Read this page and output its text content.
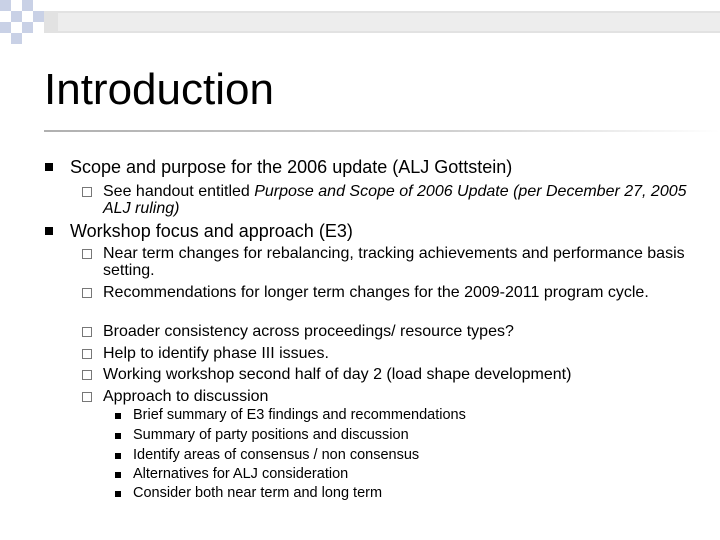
Introduction
Scope and purpose for the 2006 update (ALJ Gottstein)
See handout entitled Purpose and Scope of 2006 Update (per December 27, 2005 ALJ ruling)
Workshop focus and approach (E3)
Near term changes for rebalancing, tracking achievements and performance basis setting.
Recommendations for longer term changes for the 2009-2011 program cycle.
Broader consistency across proceedings/ resource types?
Help to identify phase III issues.
Working workshop second half of day 2 (load shape development)
Approach to discussion
Brief summary of E3 findings and recommendations
Summary of party positions and discussion
Identify areas of consensus / non consensus
Alternatives for ALJ consideration
Consider both near term and long term
